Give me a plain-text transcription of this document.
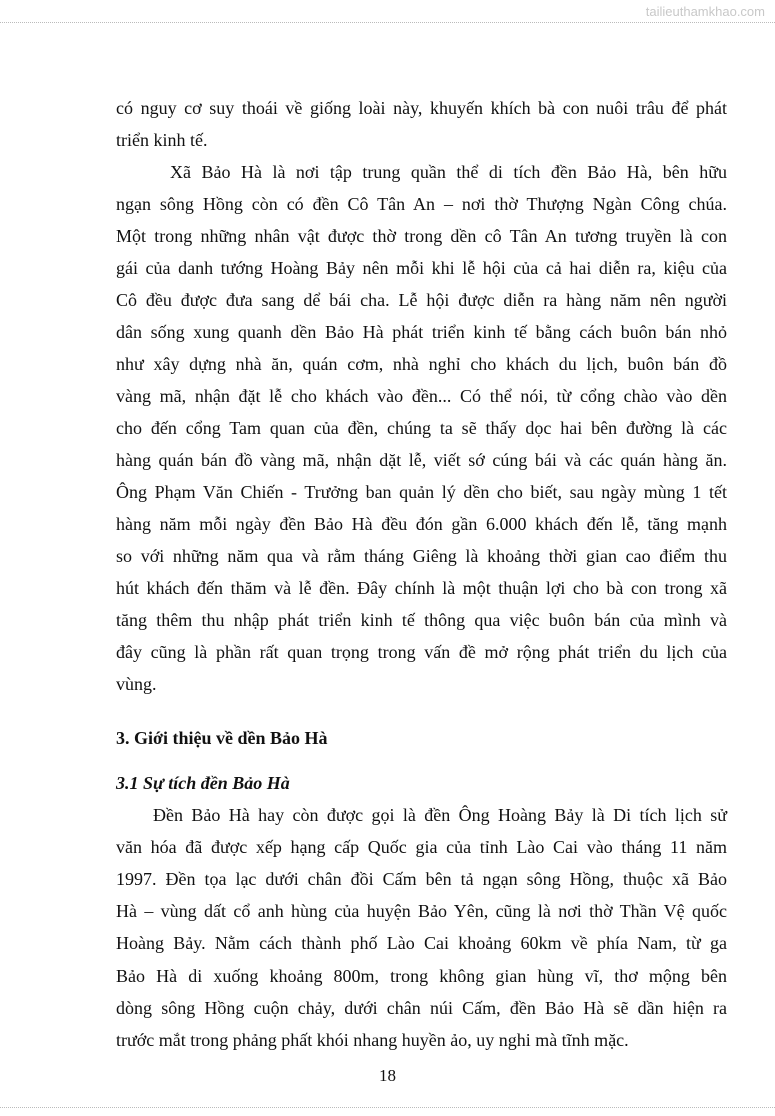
tailieuthamkhao.com
có nguy cơ suy thoái về giống loài này, khuyến khích bà con nuôi trâu để phát
triển kinh tế.
Xã Bảo Hà là nơi tập trung quần thể di tích đền Bảo Hà, bên hữu
ngạn sông Hồng còn có đền Cô Tân An – nơi thờ Thượng Ngàn Công chúa.
Một trong những nhân vật được thờ trong dền cô Tân An tương truyền là con
gái của danh tướng Hoàng Bảy nên mỗi khi lễ hội của cả hai diễn ra, kiệu của
Cô đều được đưa sang dể bái cha. Lễ hội được diễn ra hàng năm nên người
dân sống xung quanh dền Bảo Hà phát triển kinh tế bằng cách buôn bán nhỏ
như xây dựng nhà ăn, quán cơm, nhà nghỉ cho khách du lịch, buôn bán đồ
vàng mã, nhận đặt lễ cho khách vào đền... Có thể nói, từ cổng chào vào dền
cho đến cổng Tam quan của đền, chúng ta sẽ thấy dọc hai bên đường là các
hàng quán bán đồ vàng mã, nhận dặt lễ, viết sớ cúng bái và các quán hàng ăn.
Ông Phạm Văn Chiến - Trưởng ban quản lý dền cho biết, sau ngày mùng 1 tết
hàng năm mỗi ngày đền Bảo Hà đều đón gần 6.000 khách đến lễ, tăng mạnh
so với những năm qua và rằm tháng Giêng là khoảng thời gian cao điểm thu
hút khách đến thăm và lễ đền. Đây chính là một thuận lợi cho bà con trong xã
tăng thêm thu nhập phát triển kinh tế thông qua việc buôn bán của mình và
đây cũng là phần rất quan trọng trong vấn đề mở rộng phát triển du lịch của
vùng.
3. Giới thiệu về dền Bảo Hà
3.1 Sự tích đền Bảo Hà
Đền Bảo Hà hay còn được gọi là đền Ông Hoàng Bảy là Di tích lịch sử
văn hóa đã được xếp hạng cấp Quốc gia của tỉnh Lào Cai vào tháng 11 năm
1997. Đền tọa lạc dưới chân đồi Cấm bên tả ngạn sông Hồng, thuộc xã Bảo
Hà – vùng dất cổ anh hùng của huyện Bảo Yên, cũng là nơi thờ Thần Vệ quốc
Hoàng Bảy. Nằm cách thành phố Lào Cai khoảng 60km về phía Nam, từ ga
Bảo Hà di xuống khoảng 800m, trong không gian hùng vĩ, thơ mộng bên
dòng sông Hồng cuộn chảy, dưới chân núi Cấm, đền Bảo Hà sẽ dần hiện ra
trước mắt trong phảng phất khói nhang huyền ảo, uy nghi mà tĩnh mặc.
18
